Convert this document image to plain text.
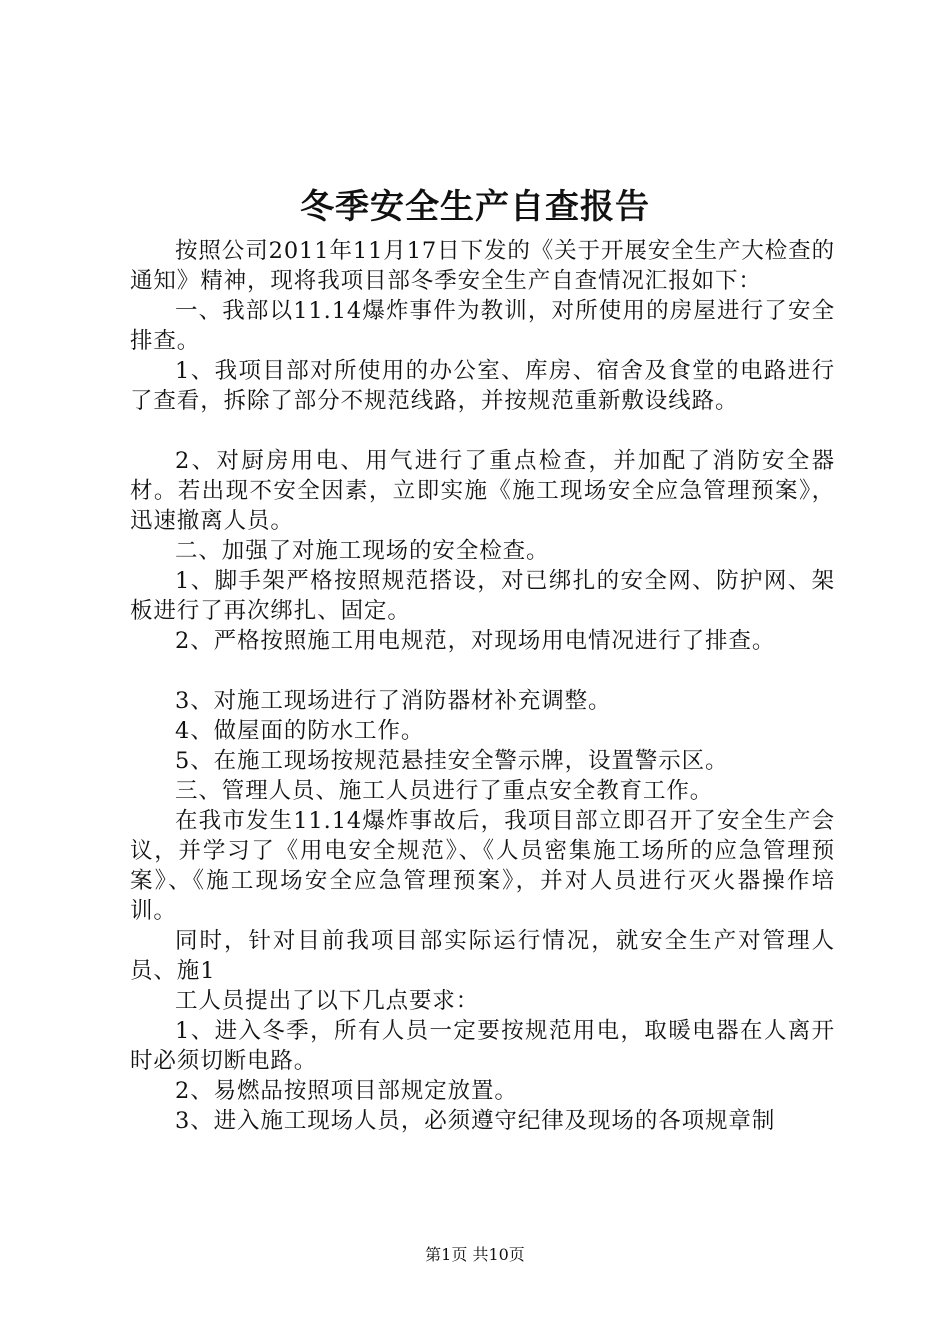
冬季安全生产自查报告

按照公司2011年11月17日下发的《关于开展安全生产大检查的通知》精神，现将我项目部冬季安全生产自查情况汇报如下：

一、我部以11.14爆炸事件为教训，对所使用的房屋进行了安全排查。

1、我项目部对所使用的办公室、库房、宿舍及食堂的电路进行了查看，拆除了部分不规范线路，并按规范重新敷设线路。

2、对厨房用电、用气进行了重点检查，并加配了消防安全器材。若出现不安全因素，立即实施《施工现场安全应急管理预案》，迅速撤离人员。

二、加强了对施工现场的安全检查。

1、脚手架严格按照规范搭设，对已绑扎的安全网、防护网、架板进行了再次绑扎、固定。

2、严格按照施工用电规范，对现场用电情况进行了排查。

3、对施工现场进行了消防器材补充调整。

4、做屋面的防水工作。

5、在施工现场按规范悬挂安全警示牌，设置警示区。

三、管理人员、施工人员进行了重点安全教育工作。

在我市发生11.14爆炸事故后，我项目部立即召开了安全生产会议，并学习了《用电安全规范》、《人员密集施工场所的应急管理预案》、《施工现场安全应急管理预案》，并对人员进行灭火器操作培训。

同时，针对目前我项目部实际运行情况，就安全生产对管理人员、施1

工人员提出了以下几点要求：

1、进入冬季，所有人员一定要按规范用电，取暖电器在人离开时必须切断电路。

2、易燃品按照项目部规定放置。

3、进入施工现场人员，必须遵守纪律及现场的各项规章制

第1页 共10页
